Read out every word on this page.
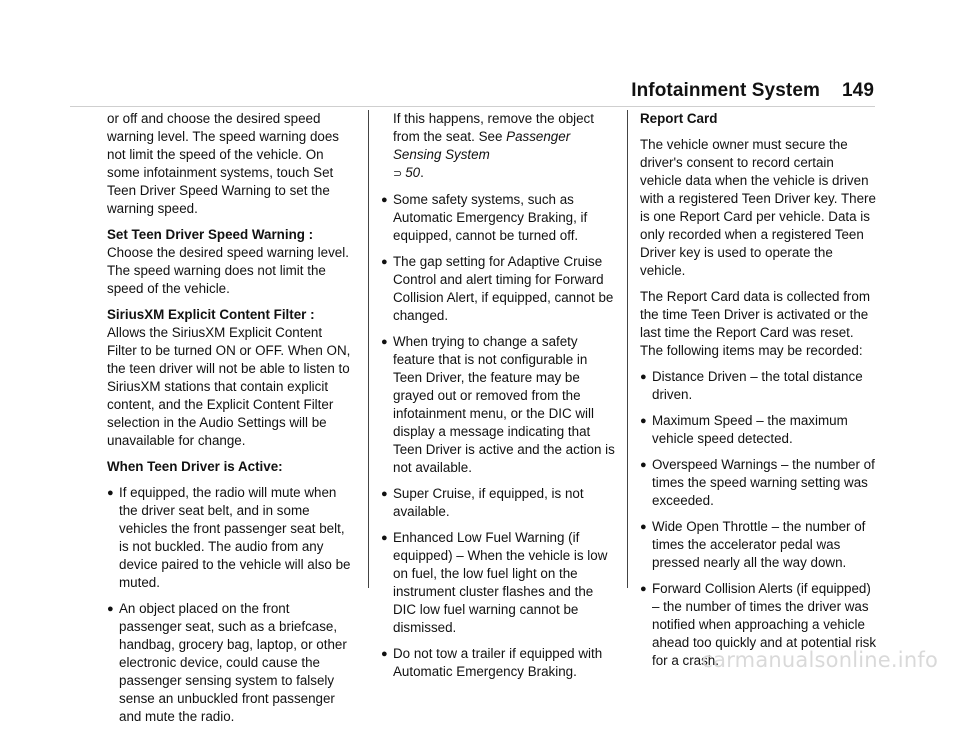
Infotainment System 149

or off and choose the desired speed warning level. The speed warning does not limit the speed of the vehicle. On some infotainment systems, touch Set Teen Driver Speed Warning to set the warning speed.

Set Teen Driver Speed Warning : Choose the desired speed warning level. The speed warning does not limit the speed of the vehicle.

SiriusXM Explicit Content Filter : Allows the SiriusXM Explicit Content Filter to be turned ON or OFF. When ON, the teen driver will not be able to listen to SiriusXM stations that contain explicit content, and the Explicit Content Filter selection in the Audio Settings will be unavailable for change.

When Teen Driver is Active:

● If equipped, the radio will mute when the driver seat belt, and in some vehicles the front passenger seat belt, is not buckled. The audio from any device paired to the vehicle will also be muted.
● An object placed on the front passenger seat, such as a briefcase, handbag, grocery bag, laptop, or other electronic device, could cause the passenger sensing system to falsely sense an unbuckled front passenger and mute the radio.

If this happens, remove the object from the seat. See Passenger Sensing System
⊃ 50.

● Some safety systems, such as Automatic Emergency Braking, if equipped, cannot be turned off.
● The gap setting for Adaptive Cruise Control and alert timing for Forward Collision Alert, if equipped, cannot be changed.
● When trying to change a safety feature that is not configurable in Teen Driver, the feature may be grayed out or removed from the infotainment menu, or the DIC will display a message indicating that Teen Driver is active and the action is not available.
● Super Cruise, if equipped, is not available.
● Enhanced Low Fuel Warning (if equipped) – When the vehicle is low on fuel, the low fuel light on the instrument cluster flashes and the DIC low fuel warning cannot be dismissed.
● Do not tow a trailer if equipped with Automatic Emergency Braking.

Report Card

The vehicle owner must secure the driver's consent to record certain vehicle data when the vehicle is driven with a registered Teen Driver key. There is one Report Card per vehicle. Data is only recorded when a registered Teen Driver key is used to operate the vehicle.

The Report Card data is collected from the time Teen Driver is activated or the last time the Report Card was reset. The following items may be recorded:

● Distance Driven – the total distance driven.
● Maximum Speed – the maximum vehicle speed detected.
● Overspeed Warnings – the number of times the speed warning setting was exceeded.
● Wide Open Throttle – the number of times the accelerator pedal was pressed nearly all the way down.
● Forward Collision Alerts (if equipped) – the number of times the driver was notified when approaching a vehicle ahead too quickly and at potential risk for a crash.
carmanualsonline.info
